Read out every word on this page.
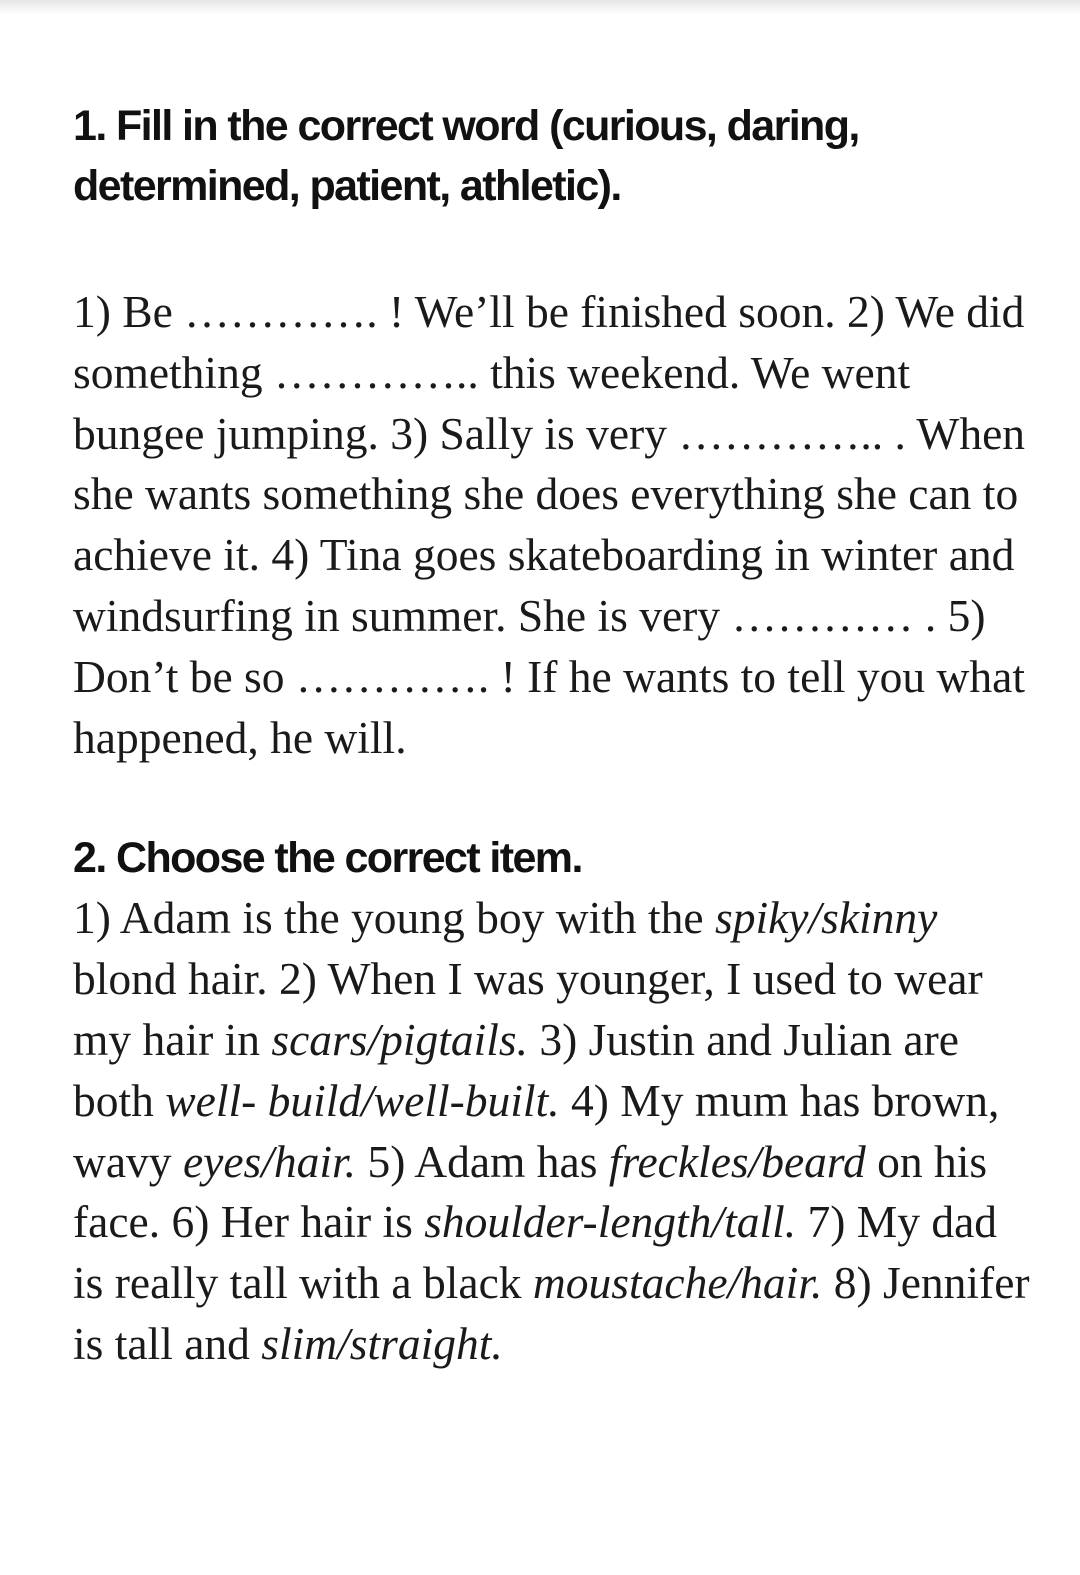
1. Fill in the correct word (curious, daring, determined, patient, athletic).

1) Be …………. ! We’ll be finished soon. 2) We did something ………….. this weekend. We went bungee jumping. 3) Sally is very ………….. . When she wants something she does everything she can to achieve it. 4) Tina goes skateboarding in winter and windsurfing in summer. She is very ………… . 5) Don’t be so …………. ! If he wants to tell you what happened, he will.

2. Choose the correct item.

1) Adam is the young boy with the spiky/skinny blond hair. 2) When I was younger, I used to wear my hair in scars/pigtails. 3) Justin and Julian are both well- build/well-built. 4) My mum has brown, wavy eyes/hair. 5) Adam has freckles/beard on his face. 6) Her hair is shoulder-length/tall. 7) My dad is really tall with a black moustache/hair. 8) Jennifer is tall and slim/straight.
